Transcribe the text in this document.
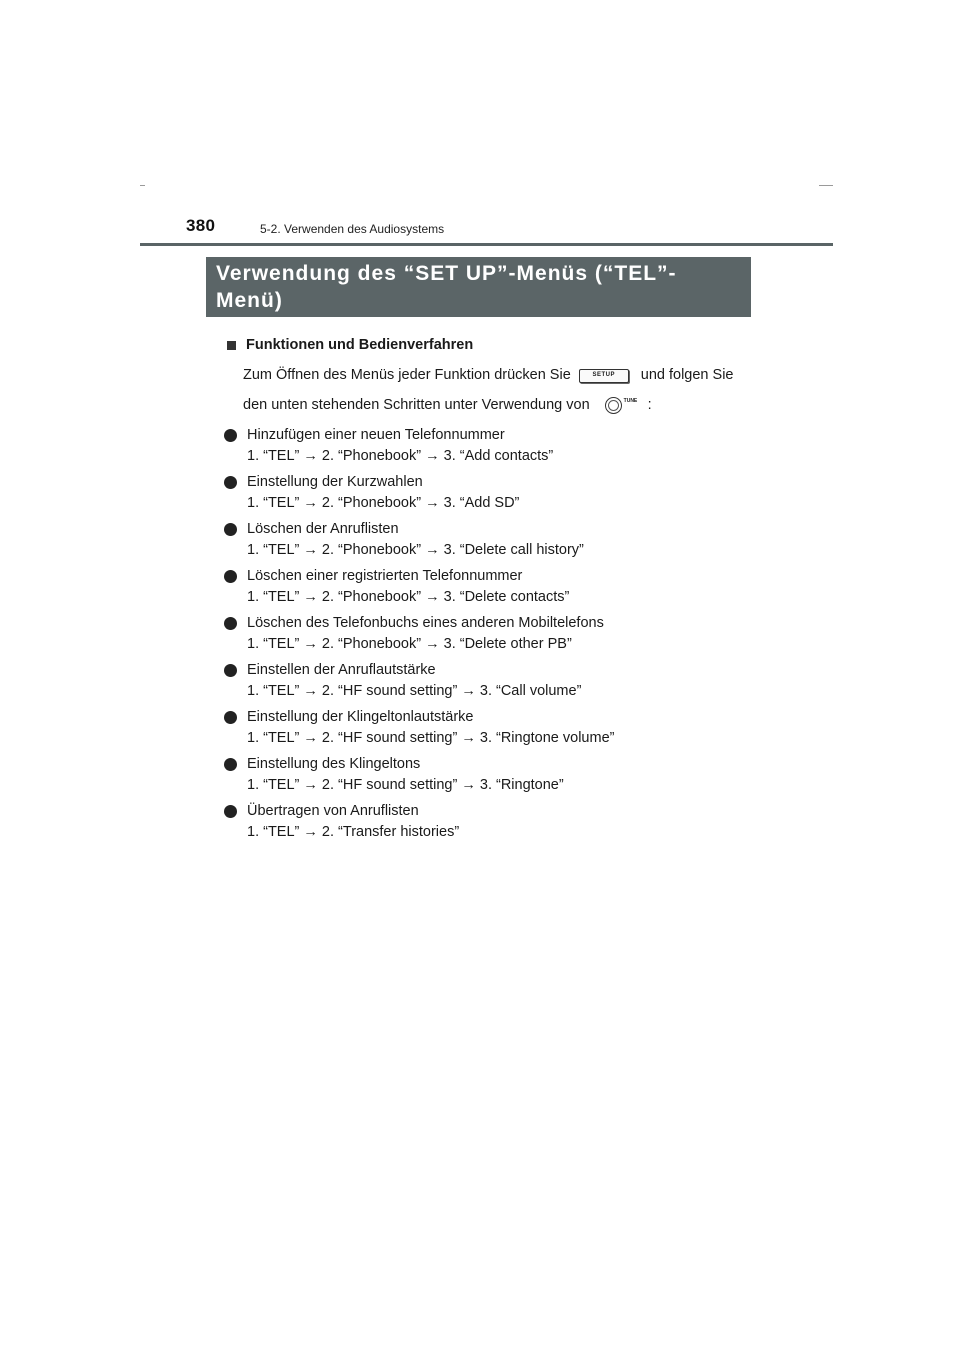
380	5-2. Verwenden des Audiosystems
Verwendung des “SET UP”-Menüs (“TEL”-
Menü)
Funktionen und Bedienverfahren
Zum Öffnen des Menüs jeder Funktion drücken Sie	SETUP und folgen Sie
den unten stehenden Schritten unter Verwendung von	TUNE :
Hinzufügen einer neuen Telefonnummer
1. “TEL” → 2. “Phonebook” → 3. “Add contacts”
Einstellung der Kurzwahlen
1. “TEL” → 2. “Phonebook” → 3. “Add SD”
Löschen der Anruflisten
1. “TEL” → 2. “Phonebook” → 3. “Delete call history”
Löschen einer registrierten Telefonnummer
1. “TEL” → 2. “Phonebook” → 3. “Delete contacts”
Löschen des Telefonbuchs eines anderen Mobiltelefons
1. “TEL” → 2. “Phonebook” → 3. “Delete other PB”
Einstellen der Anruflautstärke
1. “TEL” → 2. “HF sound setting” → 3. “Call volume”
Einstellung der Klingeltonlautstärke
1. “TEL” → 2. “HF sound setting” → 3. “Ringtone volume”
Einstellung des Klingeltons
1. “TEL” → 2. “HF sound setting” → 3. “Ringtone”
Übertragen von Anruflisten
1. “TEL” → 2. “Transfer histories”
